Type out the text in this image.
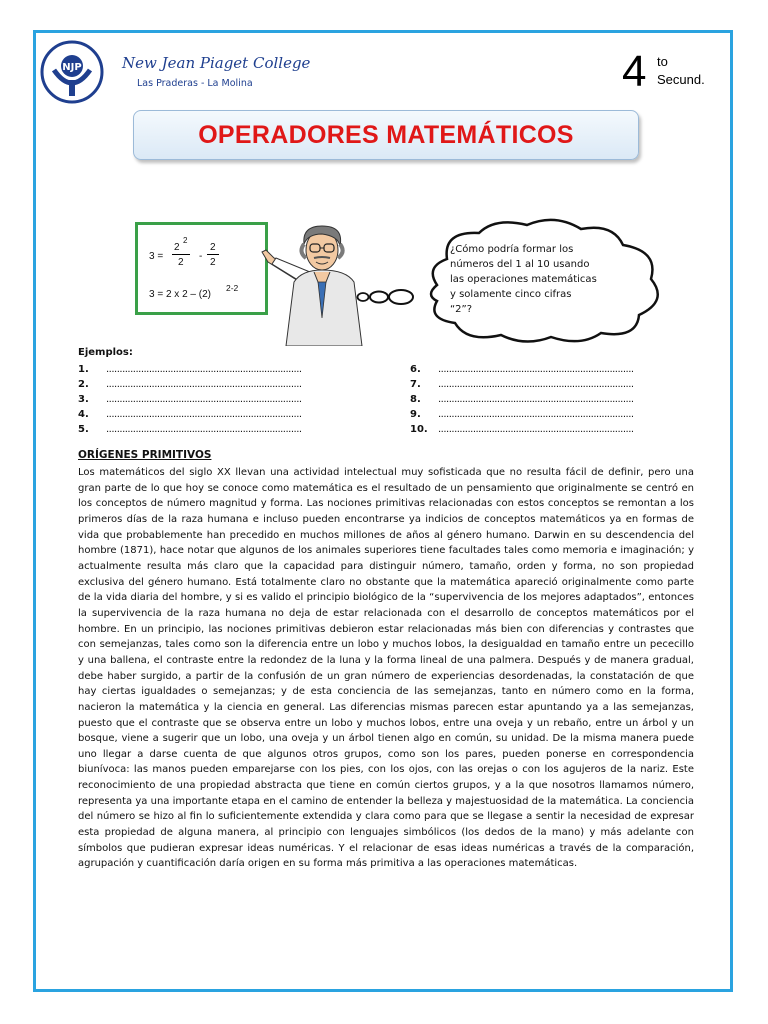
NJP	New Jean Piaget College
Las Praderas - La Molina	4 to
Secund.
OPERADORES MATEMÁTICOS
3 =
2
2
2
-
2
2
3 = 2 x 2 – (2)
2-2
¿Cómo podría formar los
números del 1 al 10 usando
las operaciones matemáticas
y solamente cinco cifras
“2”?
Ejemplos:
1. .........................................................................
2. .........................................................................
3. .........................................................................
4. .........................................................................
5. .........................................................................
6. .........................................................................
7. .........................................................................
8. .........................................................................
9. .........................................................................
10. .........................................................................
ORÍGENES PRIMITIVOS

Los matemáticos del siglo XX llevan una actividad intelectual muy sofisticada que no resulta fácil de definir, pero una gran parte de lo que hoy se conoce como matemática es el resultado de un pensamiento que originalmente se centró en los conceptos de número magnitud y forma. Las nociones primitivas relacionadas con estos conceptos se remontan a los primeros días de la raza humana e incluso pueden encontrarse ya indicios de conceptos matemáticos ya en formas de vida que probablemente han precedido en muchos millones de años al género humano. Darwin en su descendencia del hombre (1871), hace notar que algunos de los animales superiores tiene facultades tales como memoria e imaginación; y actualmente resulta más claro que la capacidad para distinguir número, tamaño, orden y forma, no son propiedad exclusiva del género humano. Está totalmente claro no obstante que la matemática apareció originalmente como parte de la vida diaria del hombre, y si es valido el principio biológico de la “supervivencia de los mejores adaptados”, entonces la supervivencia de la raza humana no deja de estar relacionada con el desarrollo de conceptos matemáticos por el hombre. En un principio, las nociones primitivas debieron estar relacionadas más bien con diferencias y contrastes que con semejanzas, tales como son la diferencia entre un lobo y muchos lobos, la desigualdad en tamaño entre un pececillo y una ballena, el contraste entre la redondez de la luna y la forma lineal de una palmera. Después y de manera gradual, debe haber surgido, a partir de la confusión de un gran número de experiencias desordenadas, la constatación de que hay ciertas igualdades o semejanzas; y de esta conciencia de las semejanzas, tanto en número como en la forma, nacieron la matemática y la ciencia en general. Las diferencias mismas parecen estar apuntando ya a las semejanzas, puesto que el contraste que se observa entre un lobo y muchos lobos, entre una oveja y un rebaño, entre un árbol y un bosque, viene a sugerir que un lobo, una oveja y un árbol tienen algo en común, su unidad. De la misma manera puede uno llegar a darse cuenta de que algunos otros grupos, como son los pares, pueden ponerse en correspondencia biunívoca: las manos pueden emparejarse con los pies, con los ojos, con las orejas o con los agujeros de la nariz. Este reconocimiento de una propiedad abstracta que tiene en común ciertos grupos, y a la que nosotros llamamos número, representa ya una importante etapa en el camino de entender la belleza y majestuosidad de la matemática. La conciencia del número se hizo al fin lo suficientemente extendida y clara como para que se llegase a sentir la necesidad de expresar esta propiedad de alguna manera, al principio con lenguajes simbólicos (los dedos de la mano) y más adelante con símbolos que pudieran expresar ideas numéricas. Y el relacionar de esas ideas numéricas a través de la comparación, agrupación y cuantificación daría origen en su forma más primitiva a las operaciones matemáticas.
